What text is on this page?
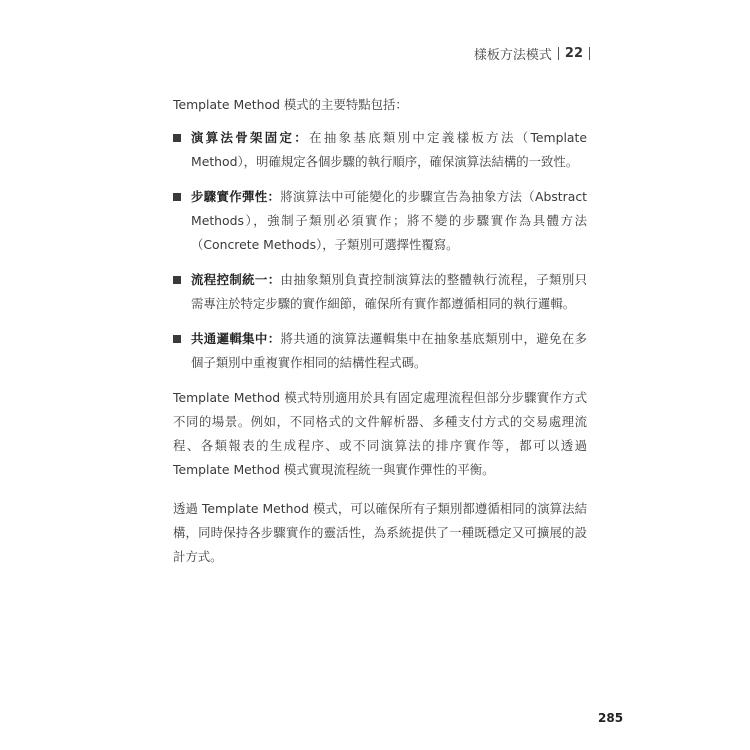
樣板方法模式 22

Template Method 模式的主要特點包括：

演算法骨架固定：在抽象基底類別中定義樣板方法（Template Method），明確規定各個步驟的執行順序，確保演算法結構的一致性。
步驟實作彈性：將演算法中可能變化的步驟宣告為抽象方法（Abstract Methods），強制子類別必須實作；將不變的步驟實作為具體方法（Concrete Methods），子類別可選擇性覆寫。
流程控制統一：由抽象類別負責控制演算法的整體執行流程，子類別只需專注於特定步驟的實作細節，確保所有實作都遵循相同的執行邏輯。
共通邏輯集中：將共通的演算法邏輯集中在抽象基底類別中，避免在多個子類別中重複實作相同的結構性程式碼。

Template Method 模式特別適用於具有固定處理流程但部分步驟實作方式不同的場景。例如，不同格式的文件解析器、多種支付方式的交易處理流程、各類報表的生成程序、或不同演算法的排序實作等，都可以透過 Template Method 模式實現流程統一與實作彈性的平衡。

透過 Template Method 模式，可以確保所有子類別都遵循相同的演算法結構，同時保持各步驟實作的靈活性，為系統提供了一種既穩定又可擴展的設計方式。

285
